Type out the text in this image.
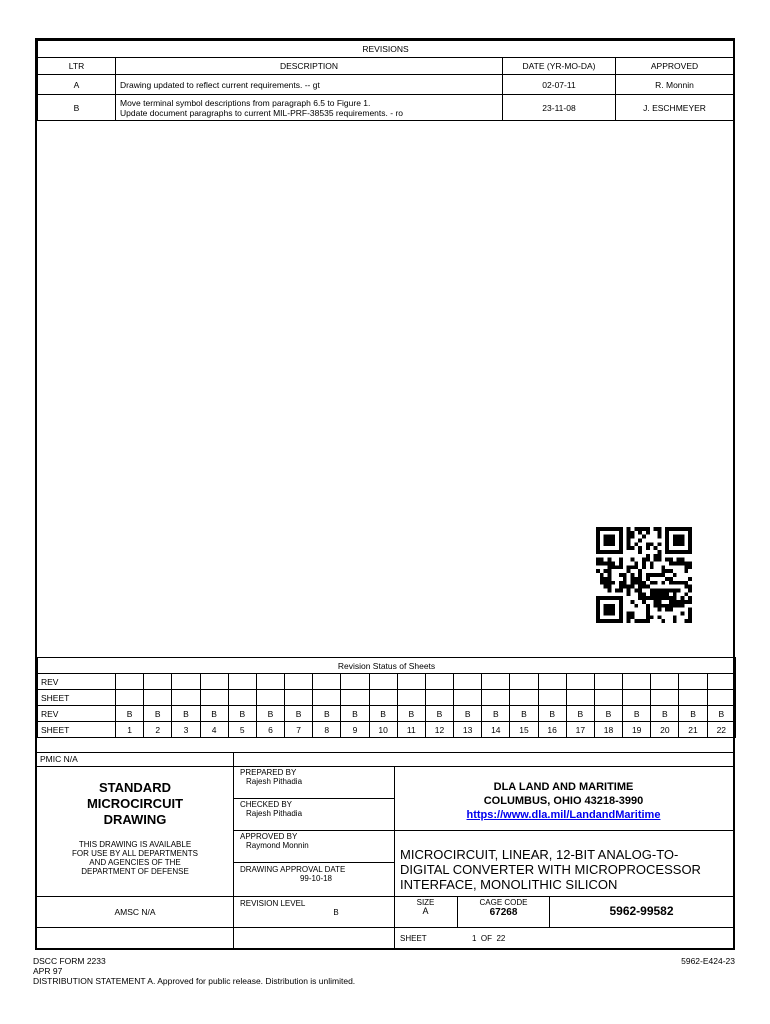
REVISIONS			
LTR	DESCRIPTION	DATE (YR-MO-DA)	APPROVED
A	Drawing updated to reflect current requirements. -- gt	02-07-11	R. Monnin
B	Move terminal symbol descriptions from paragraph 6.5 to Figure 1.
Update document paragraphs to current MIL-PRF-38535 requirements. - ro	23-11-08	J. ESCHMEYER
Revision Status of Sheets																						
REV																						
SHEET																						
REV	B	B	B	B	B	B	B	B	B	B	B	B	B	B	B	B	B	B	B	B	B	B
SHEET	1	2	3	4	5	6	7	8	9	10	11	12	13	14	15	16	17	18	19	20	21	22
PMIC N/A
STANDARD
MICROCIRCUIT
DRAWING
THIS DRAWING IS AVAILABLE
FOR USE BY ALL DEPARTMENTS
AND AGENCIES OF THE
DEPARTMENT OF DEFENSE
AMSC N/A
PREPARED BY
Rajesh Pithadia
CHECKED BY
Rajesh Pithadia
APPROVED BY
Raymond Monnin
DRAWING APPROVAL DATE
99-10-18
REVISION LEVEL
B
DLA LAND AND MARITIME
COLUMBUS, OHIO 43218-3990
https://www.dla.mil/LandandMaritime
MICROCIRCUIT, LINEAR, 12-BIT ANALOG-TO-
DIGITAL CONVERTER WITH MICROPROCESSOR
INTERFACE, MONOLITHIC SILICON
SIZE
A
CAGE CODE
67268	5962-99582
SHEET	1  OF  22
DSCC FORM 2233
APR 97
DISTRIBUTION STATEMENT A. Approved for public release. Distribution is unlimited.
5962-E424-23
